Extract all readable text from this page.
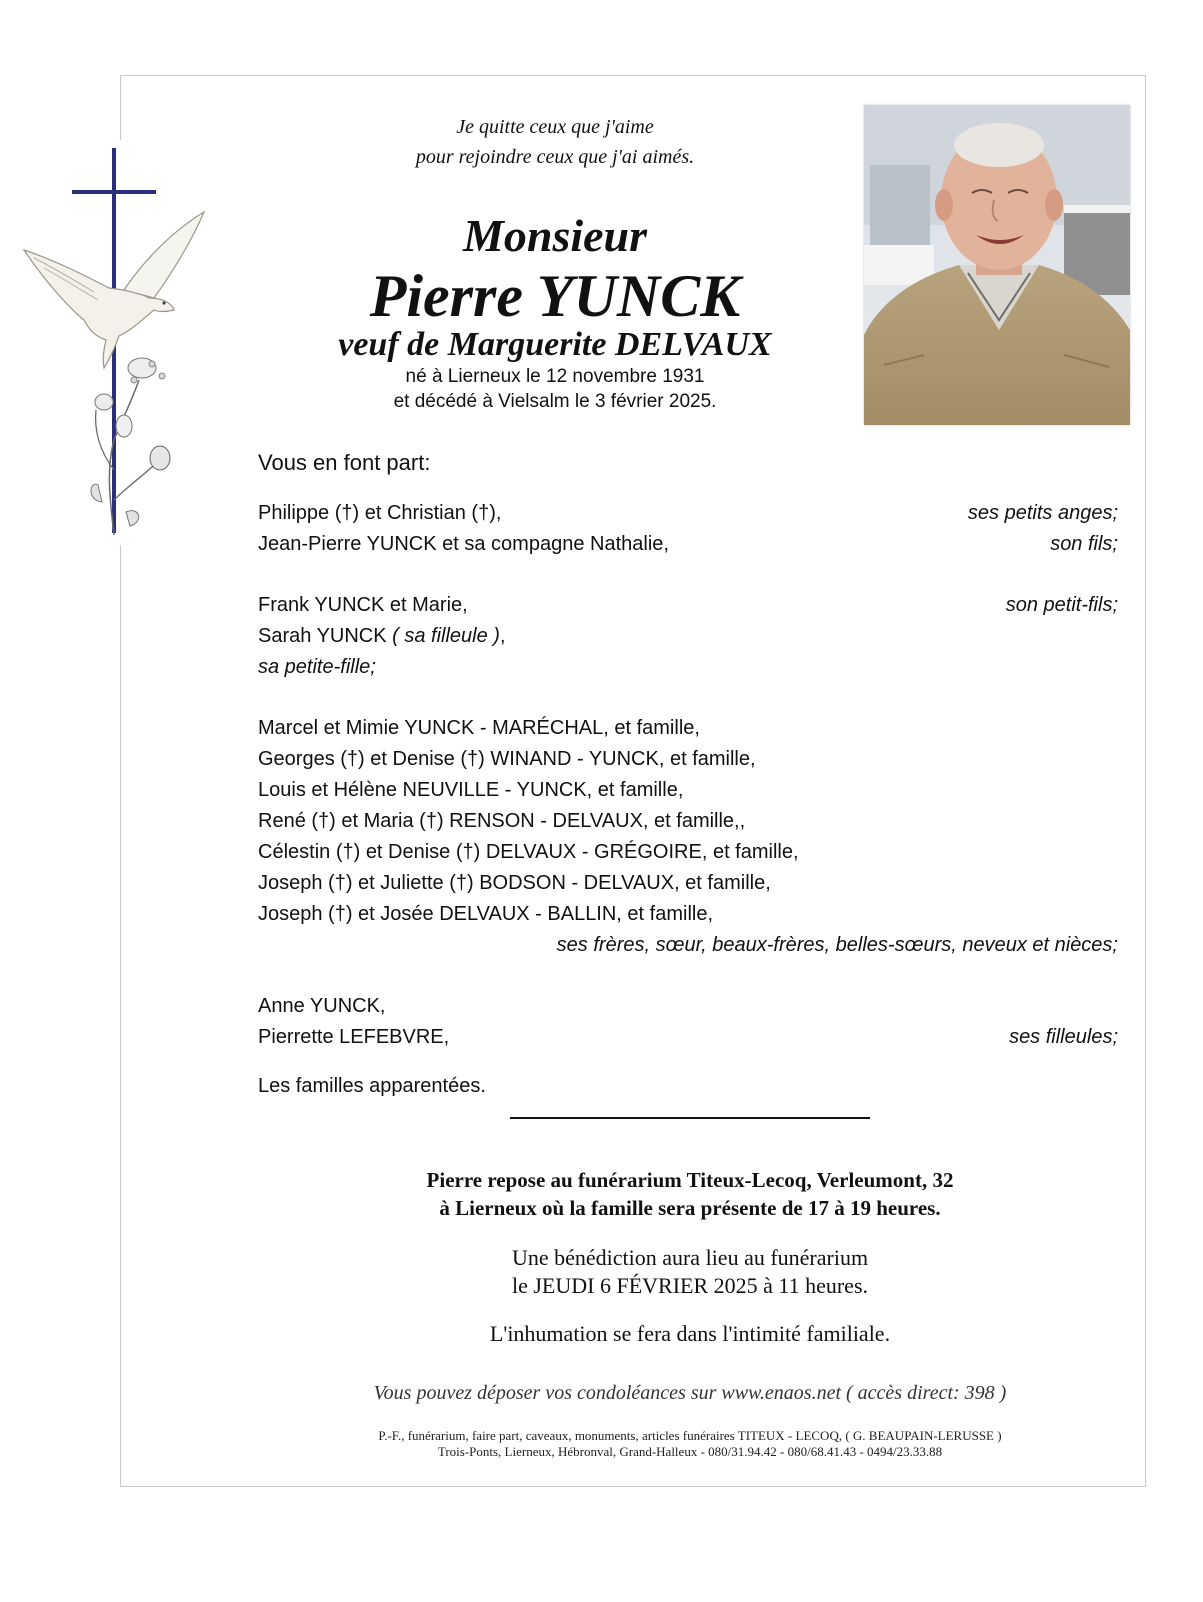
Je quitte ceux que j'aime
pour rejoindre ceux que j'ai aimés.
Monsieur
Pierre YUNCK
veuf de Marguerite DELVAUX
né à Lierneux le 12 novembre 1931
et décédé à Vielsalm le 3 février 2025.
Vous en font part:
Philippe (†) et Christian (†),	ses petits anges;
Jean-Pierre YUNCK et sa compagne Nathalie,	son fils;
Frank YUNCK et Marie,	son petit-fils;
Sarah YUNCK ( sa filleule ),
sa petite-fille;
Marcel et Mimie YUNCK - MARÉCHAL, et famille,
Georges (†) et Denise (†) WINAND - YUNCK, et famille,
Louis et Hélène NEUVILLE - YUNCK, et famille,
René (†) et Maria (†) RENSON - DELVAUX, et famille,,
Célestin (†) et Denise (†) DELVAUX - GRÉGOIRE, et famille,
Joseph (†) et Juliette (†) BODSON - DELVAUX, et famille,
Joseph (†) et Josée DELVAUX - BALLIN, et famille,
ses frères, sœur, beaux-frères, belles-sœurs, neveux et nièces;
Anne YUNCK,
Pierrette LEFEBVRE,	ses filleules;
Les familles apparentées.
Pierre repose au funérarium Titeux-Lecoq, Verleumont, 32
à Lierneux où la famille sera présente de 17 à 19 heures.
Une bénédiction aura lieu au funérarium
le JEUDI 6 FÉVRIER 2025 à 11 heures.
L'inhumation se fera dans l'intimité familiale.
Vous pouvez déposer vos condoléances sur www.enaos.net ( accès direct: 398 )
P.-F., funérarium, faire part, caveaux, monuments, articles funéraires TITEUX - LECOQ, ( G. BEAUPAIN-LERUSSE )
Trois-Ponts, Lierneux, Hébronval, Grand-Halleux - 080/31.94.42 - 080/68.41.43 - 0494/23.33.88
